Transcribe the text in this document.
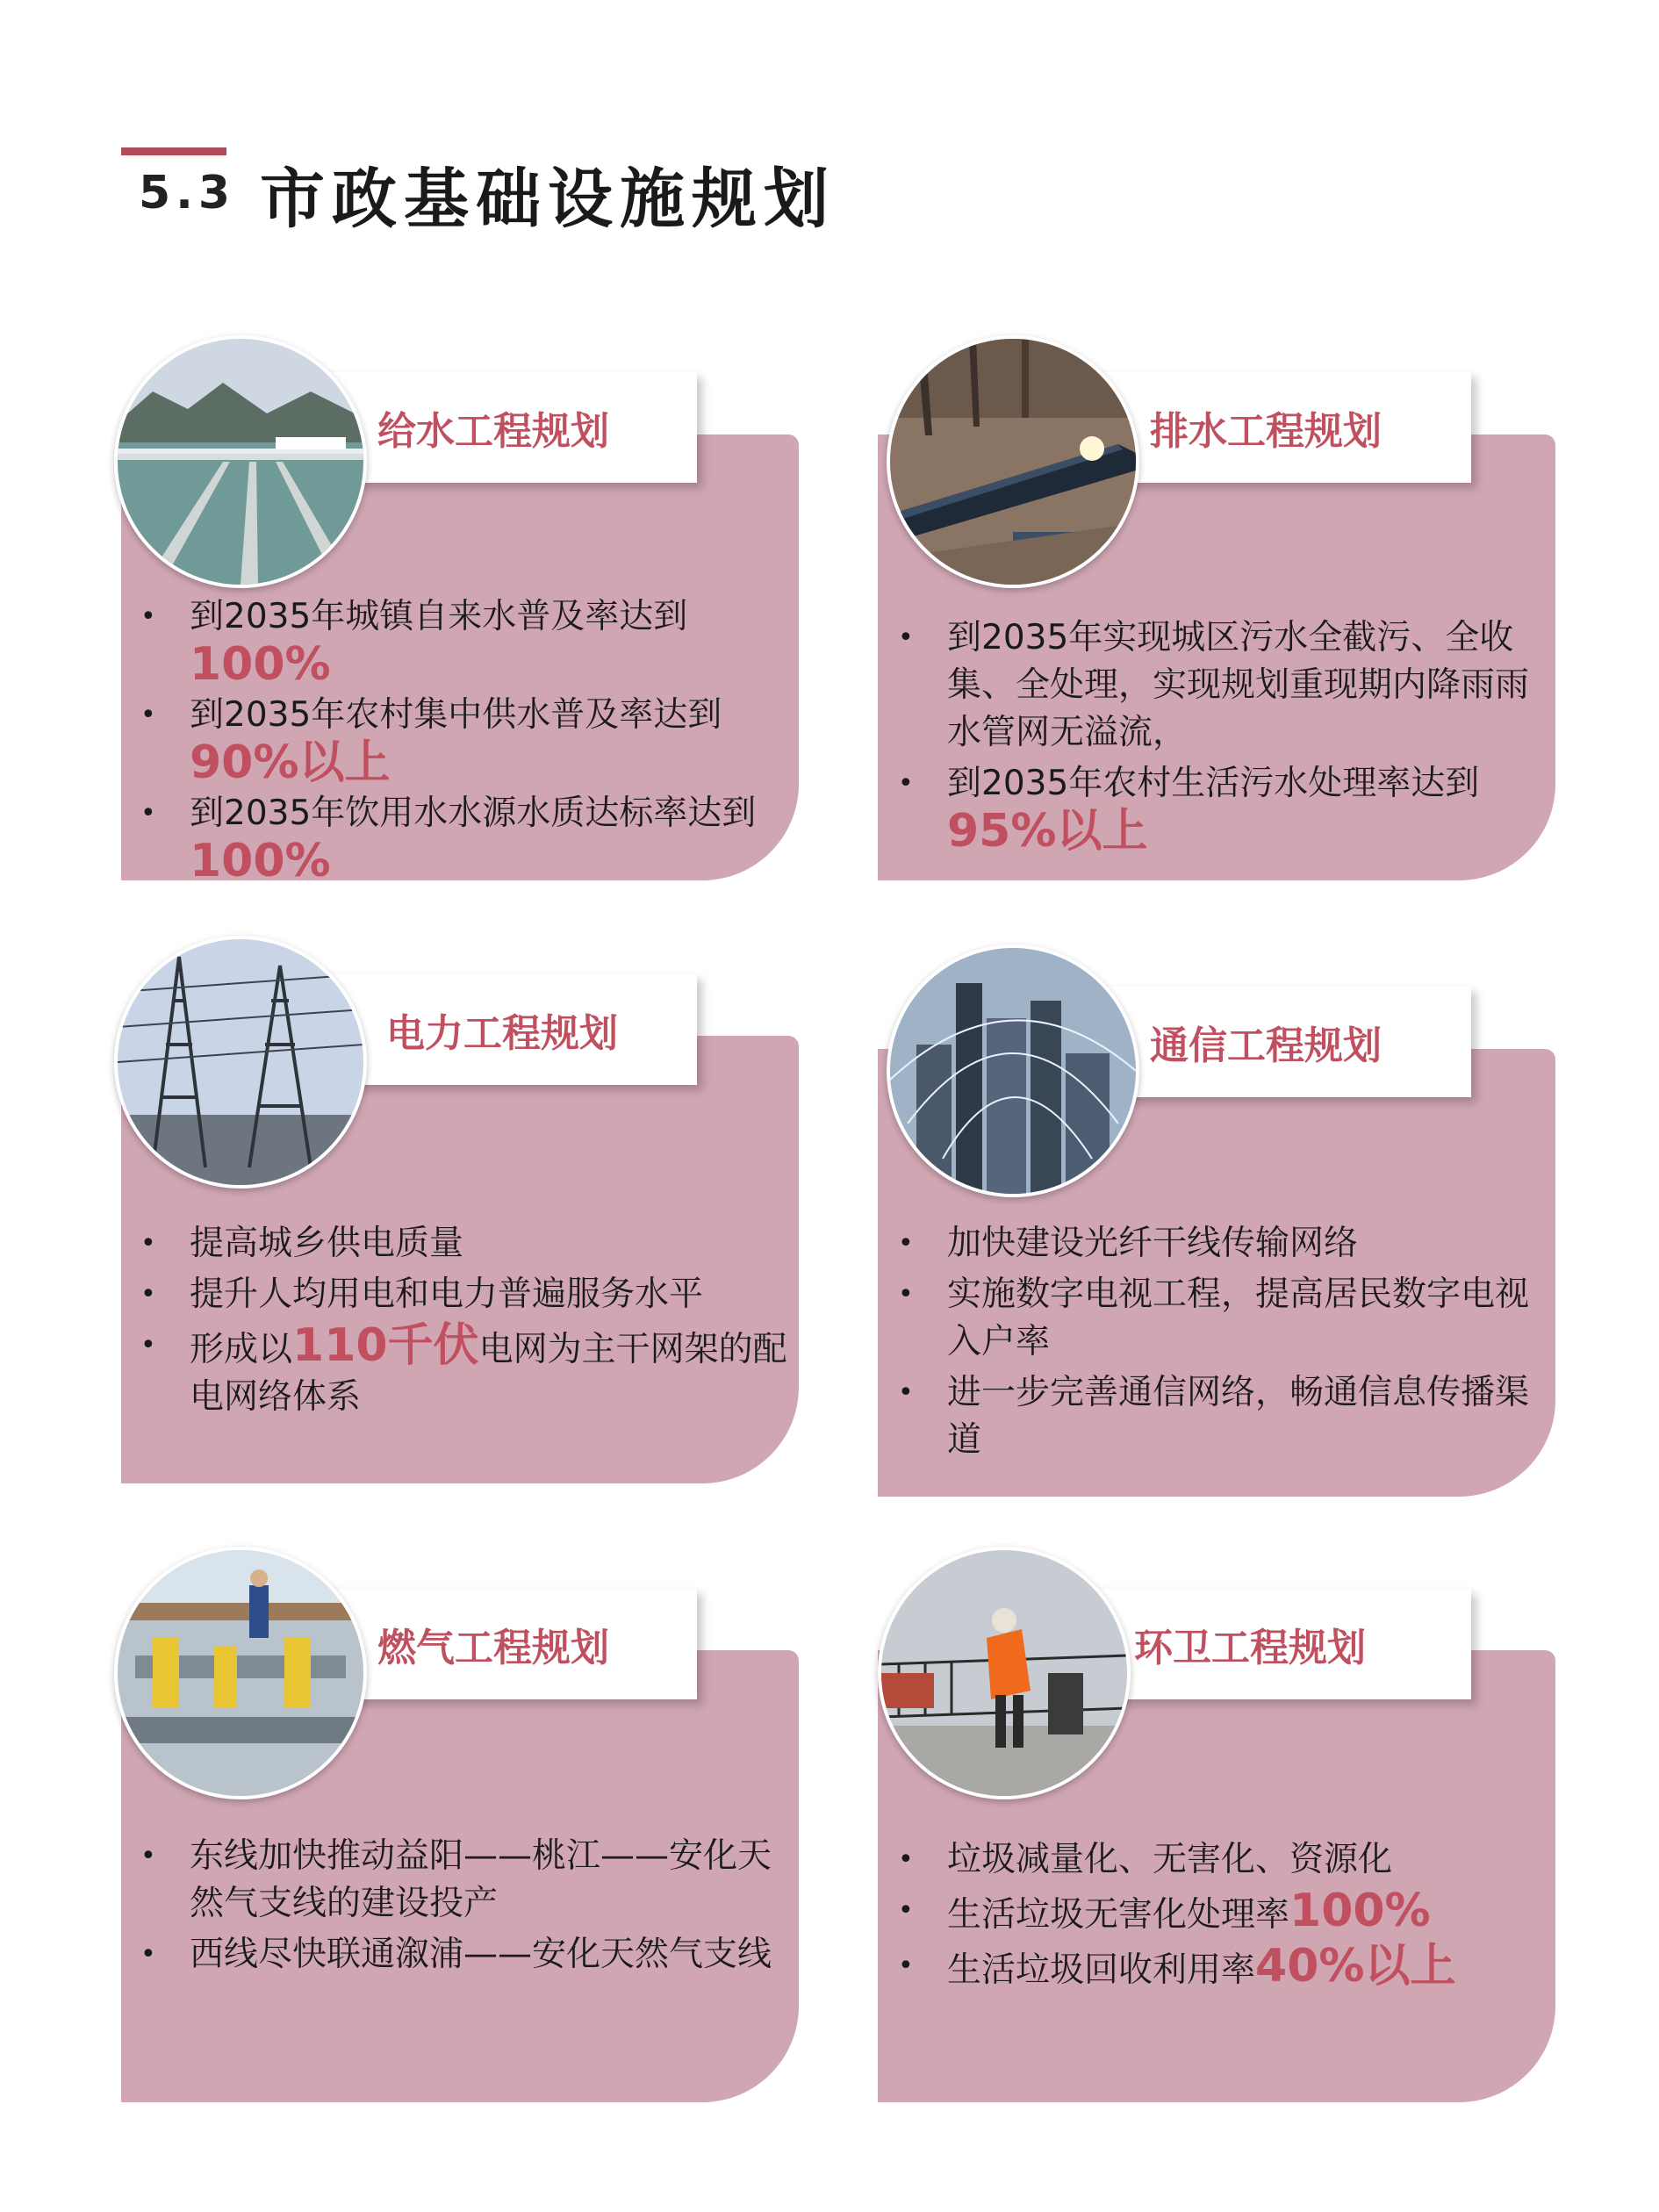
5.3 市政基础设施规划
给水工程规划
• 到2035年城镇自来水普及率达到
100%
• 到2035年农村集中供水普及率达到
90%以上
• 到2035年饮用水水源水质达标率达到
100%
排水工程规划
• 到2035年实现城区污水全截污、全收集、全处理，实现规划重现期内降雨雨水管网无溢流，
• 到2035年农村生活污水处理率达到
95%以上
电力工程规划
• 提高城乡供电质量
• 提升人均用电和电力普遍服务水平
• 形成以110千伏电网为主干网架的配电网络体系
通信工程规划
• 加快建设光纤干线传输网络
• 实施数字电视工程，提高居民数字电视入户率
• 进一步完善通信网络，畅通信息传播渠道
燃气工程规划
• 东线加快推动益阳——桃江——安化天然气支线的建设投产
• 西线尽快联通溆浦——安化天然气支线
环卫工程规划
• 垃圾减量化、无害化、资源化
• 生活垃圾无害化处理率100%
• 生活垃圾回收利用率40%以上
